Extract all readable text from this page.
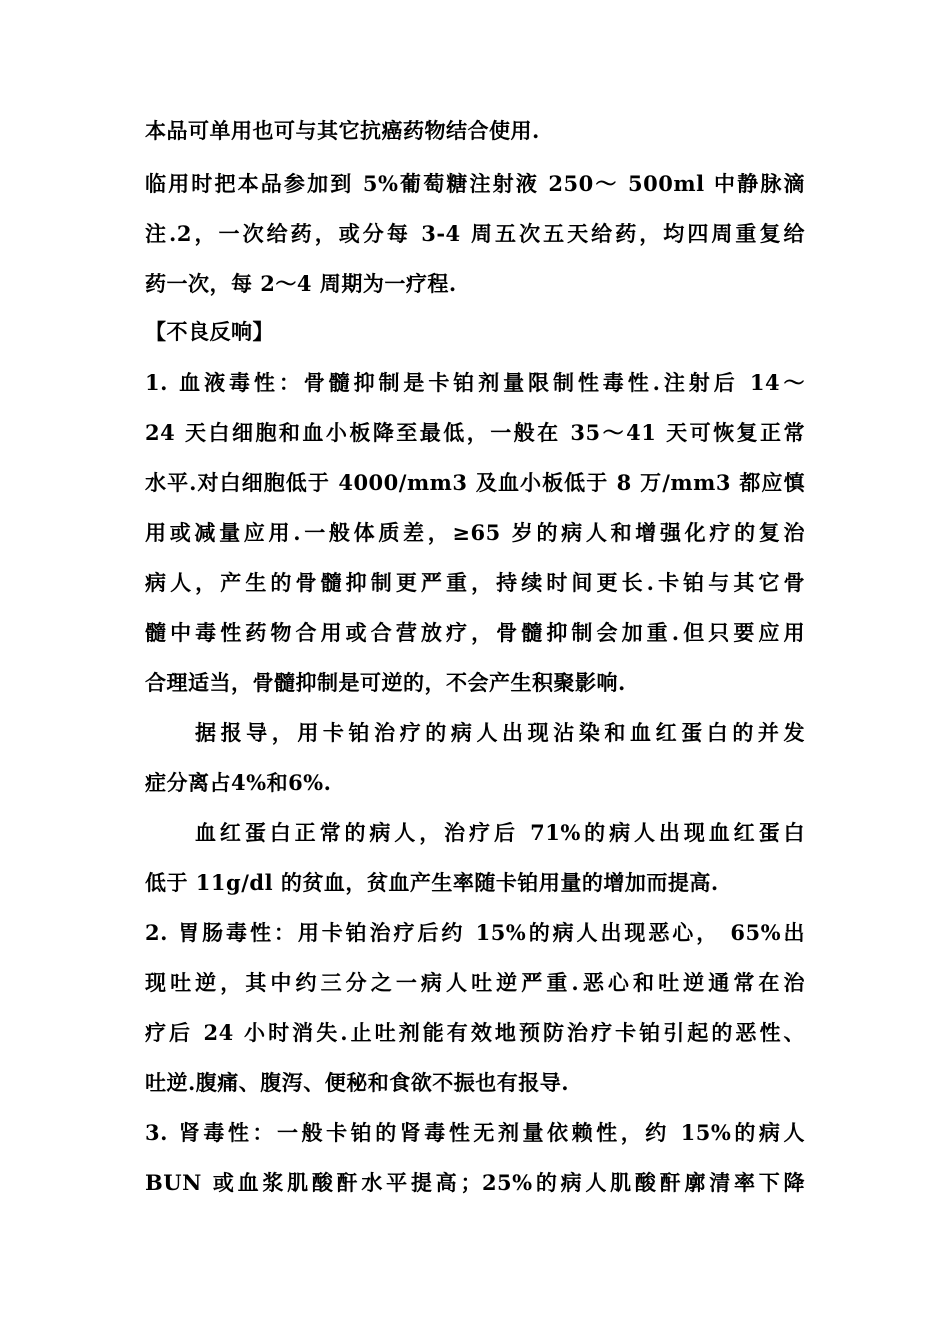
本品可单用也可与其它抗癌药物结合使用.
临用时把本品参加到 5%葡萄糖注射液 250～ 500ml 中静脉滴
注.2，一次给药，或分每 3-4 周五次五天给药，均四周重复给
药一次，每 2～4 周期为一疗程.
【不良反响】
1. 血液毒性：骨髓抑制是卡铂剂量限制性毒性.注射后 14～
24 天白细胞和血小板降至最低，一般在 35～41 天可恢复正常
水平.对白细胞低于 4000/mm3 及血小板低于 8 万/mm3 都应慎
用或减量应用.一般体质差，≥65 岁的病人和增强化疗的复治
病人，产生的骨髓抑制更严重，持续时间更长.卡铂与其它骨
髓中毒性药物合用或合营放疗，骨髓抑制会加重.但只要应用
合理适当，骨髓抑制是可逆的，不会产生积聚影响.
据报导，用卡铂治疗的病人出现沾染和血红蛋白的并发
症分离占4%和6%.
血红蛋白正常的病人，治疗后 71%的病人出现血红蛋白
低于 11g/dl 的贫血，贫血产生率随卡铂用量的增加而提高.
2. 胃肠毒性：用卡铂治疗后约 15%的病人出现恶心， 65%出
现吐逆，其中约三分之一病人吐逆严重.恶心和吐逆通常在治
疗后 24 小时消失.止吐剂能有效地预防治疗卡铂引起的恶性、
吐逆.腹痛、腹泻、便秘和食欲不振也有报导.
3. 肾毒性：一般卡铂的肾毒性无剂量依赖性，约 15%的病人
BUN 或血浆肌酸酐水平提高；25%的病人肌酸酐廓清率下降
